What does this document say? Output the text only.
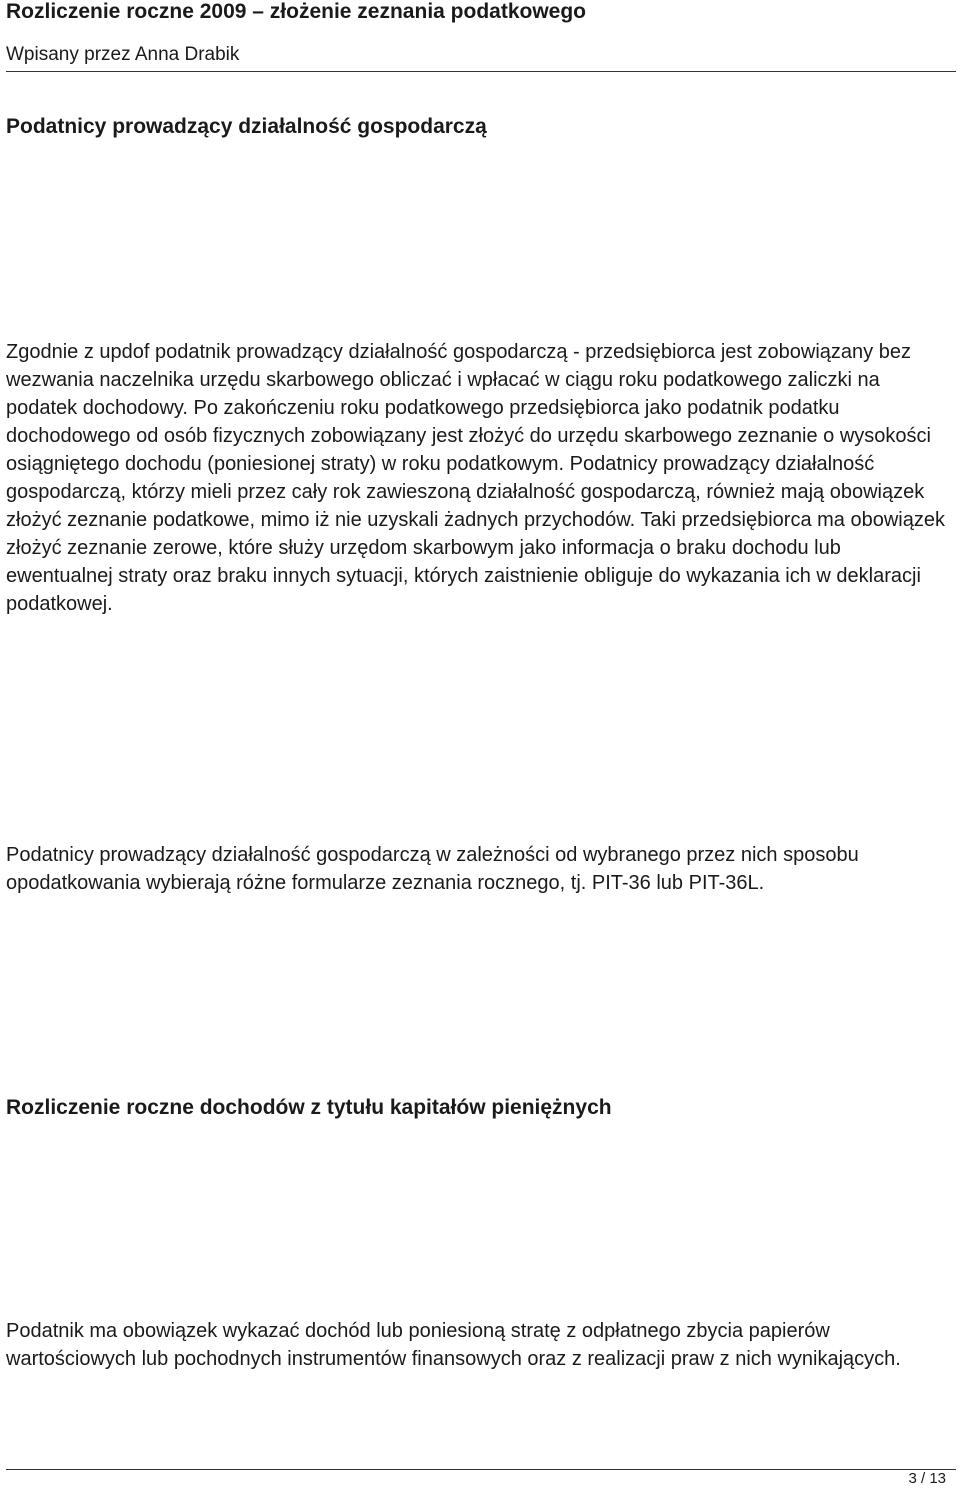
Rozliczenie roczne 2009 – złożenie zeznania podatkowego
Wpisany przez Anna Drabik
Podatnicy prowadzący działalność gospodarczą

Zgodnie z updof podatnik prowadzący działalność gospodarczą - przedsiębiorca jest zobowiązany bez wezwania naczelnika urzędu skarbowego obliczać i wpłacać w ciągu roku podatkowego zaliczki na podatek dochodowy. Po zakończeniu roku podatkowego przedsiębiorca jako podatnik podatku dochodowego od osób fizycznych zobowiązany jest złożyć do urzędu skarbowego zeznanie o wysokości osiągniętego dochodu (poniesionej straty) w roku podatkowym. Podatnicy prowadzący działalność gospodarczą, którzy mieli przez cały rok zawieszoną działalność gospodarczą, również mają obowiązek złożyć zeznanie podatkowe, mimo iż nie uzyskali żadnych przychodów. Taki przedsiębiorca ma obowiązek złożyć zeznanie zerowe, które służy urzędom skarbowym jako informacja o braku dochodu lub ewentualnej straty oraz braku innych sytuacji, których zaistnienie obliguje do wykazania ich w deklaracji podatkowej.

Podatnicy prowadzący działalność gospodarczą w zależności od wybranego przez nich sposobu opodatkowania wybierają różne formularze zeznania rocznego, tj. PIT-36 lub PIT-36L.

Rozliczenie roczne dochodów z tytułu kapitałów pieniężnych

Podatnik ma obowiązek wykazać dochód lub poniesioną stratę z odpłatnego zbycia papierów wartościowych lub pochodnych instrumentów finansowych oraz z realizacji praw z nich wynikających.

3 / 13
